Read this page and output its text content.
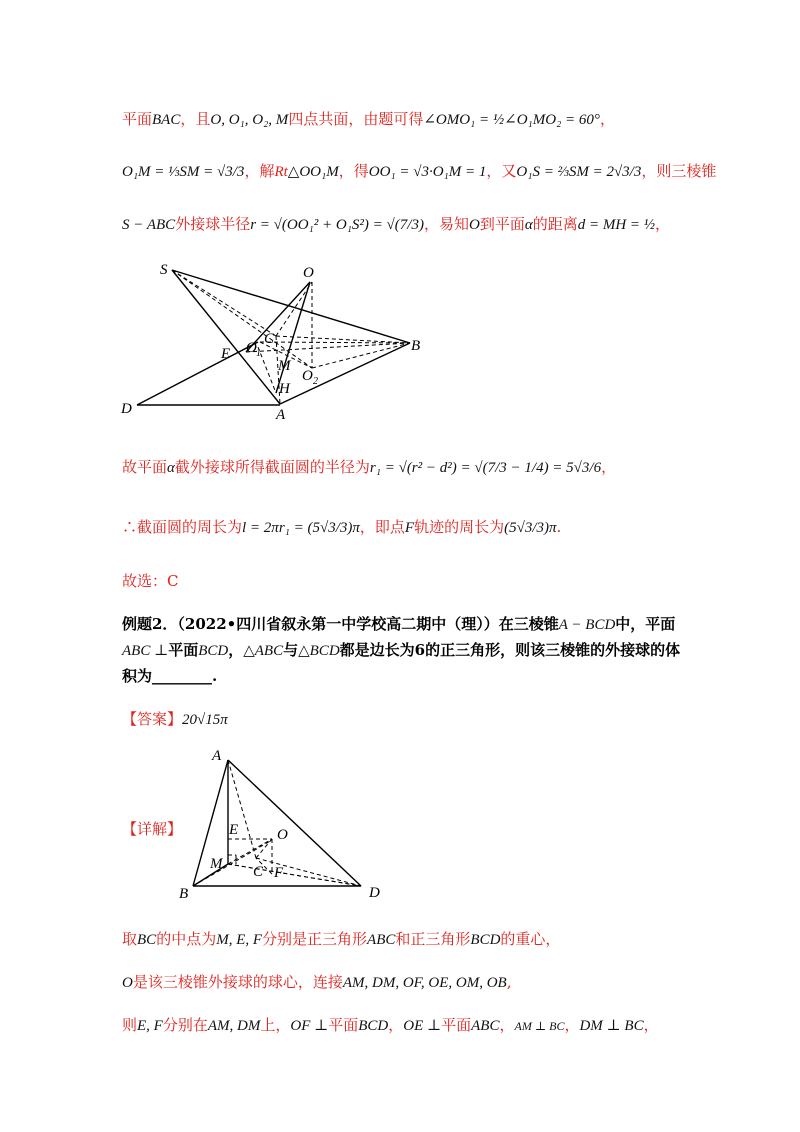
平面BAC，且O, O₁, O₂, M四点共面，由题可得∠OMO₁ = ½∠O₁MO₂ = 60°，
O₁M = ⅓SM = √3/3，解Rt△OO₁M，得OO₁ = √3·O₁M = 1，又O₁S = ⅔SM = 2√3/3，则三棱锥
S − ABC外接球半径r = √(OO₁² + O₁S²) = √(7/3)，易知O到平面α的距离d = MH = ½，
S	O
C
O 1
E
M
B
O 2
H
D	A
故平面α截外接球所得截面圆的半径为r₁ = √(r² − d²) = √(7/3 − 1/4) = 5√3/6，
∴截面圆的周长为l = 2πr₁ = (5√3/3)π，即点F轨迹的周长为(5√3/3)π.
故选：C
例题2．（2022•四川省叙永第一中学校高二期中（理））在三棱锥A − BCD中，平面
ABC ⊥平面BCD，△ABC与△BCD都是边长为6的正三角形，则该三棱锥的外接球的体
积为________.
【答案】20√15π
【详解】
A
E	O
M C F
B	D
取BC的中点为M, E, F分别是正三角形ABC和正三角形BCD的重心，
O是该三棱锥外接球的球心，连接AM, DM, OF, OE, OM, OB,
则E, F分别在AM, DM上，OF ⊥平面BCD，OE ⊥平面ABC，AM ⊥ BC，DM ⊥ BC，
